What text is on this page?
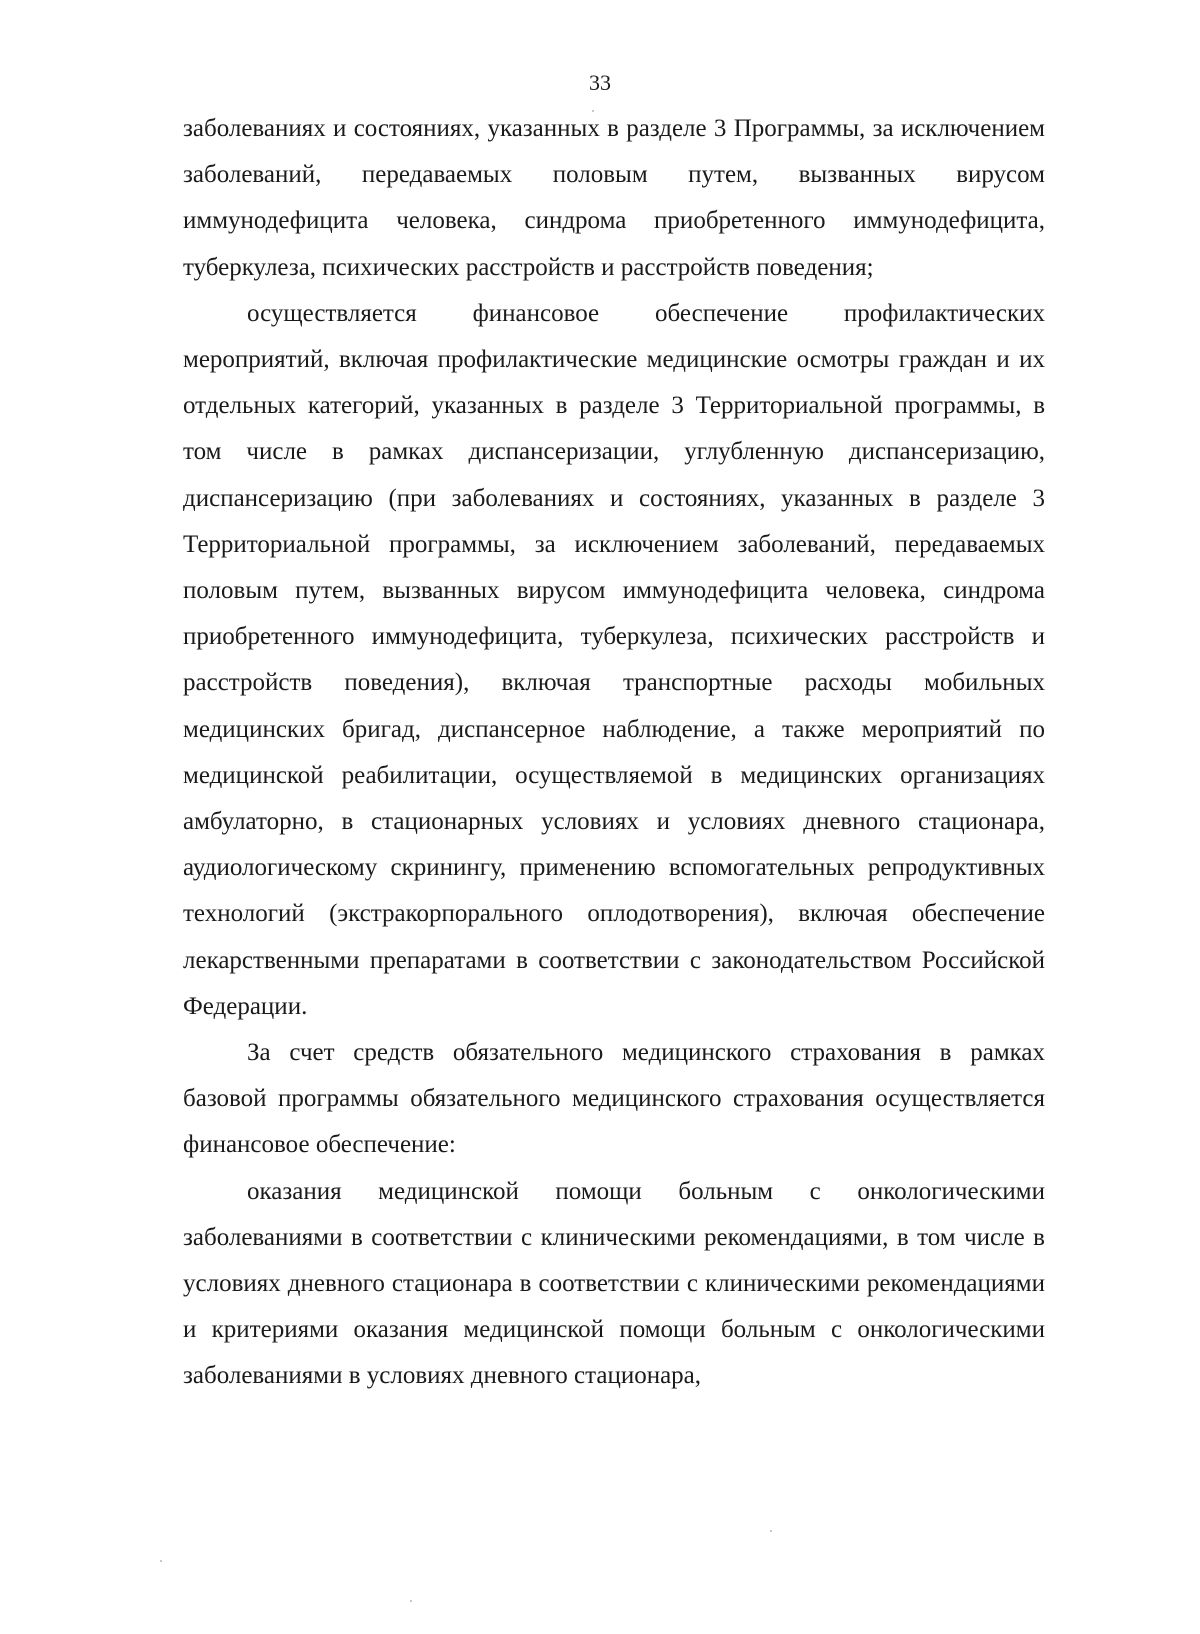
33

заболеваниях и состояниях, указанных в разделе 3 Программы, за исключением заболеваний, передаваемых половым путем, вызванных вирусом иммунодефицита человека, синдрома приобретенного иммунодефицита, туберкулеза, психических расстройств и расстройств поведения;

осуществляется финансовое обеспечение профилактических мероприятий, включая профилактические медицинские осмотры граждан и их отдельных категорий, указанных в разделе 3 Территориальной программы, в том числе в рамках диспансеризации, углубленную диспансеризацию, диспансеризацию (при заболеваниях и состояниях, указанных в разделе 3 Территориальной программы, за исключением заболеваний, передаваемых половым путем, вызванных вирусом иммунодефицита человека, синдрома приобретенного иммунодефицита, туберкулеза, психических расстройств и расстройств поведения), включая транспортные расходы мобильных медицинских бригад, диспансерное наблюдение, а также мероприятий по медицинской реабилитации, осуществляемой в медицинских организациях амбулаторно, в стационарных условиях и условиях дневного стационара, аудиологическому скринингу, применению вспомогательных репродуктивных технологий (экстракорпорального оплодотворения), включая обеспечение лекарственными препаратами в соответствии с законодательством Российской Федерации.

За счет средств обязательного медицинского страхования в рамках базовой программы обязательного медицинского страхования осуществляется финансовое обеспечение:

оказания медицинской помощи больным с онкологическими заболеваниями в соответствии с клиническими рекомендациями, в том числе в условиях дневного стационара в соответствии с клиническими рекомендациями и критериями оказания медицинской помощи больным с онкологическими заболеваниями в условиях дневного стационара,
